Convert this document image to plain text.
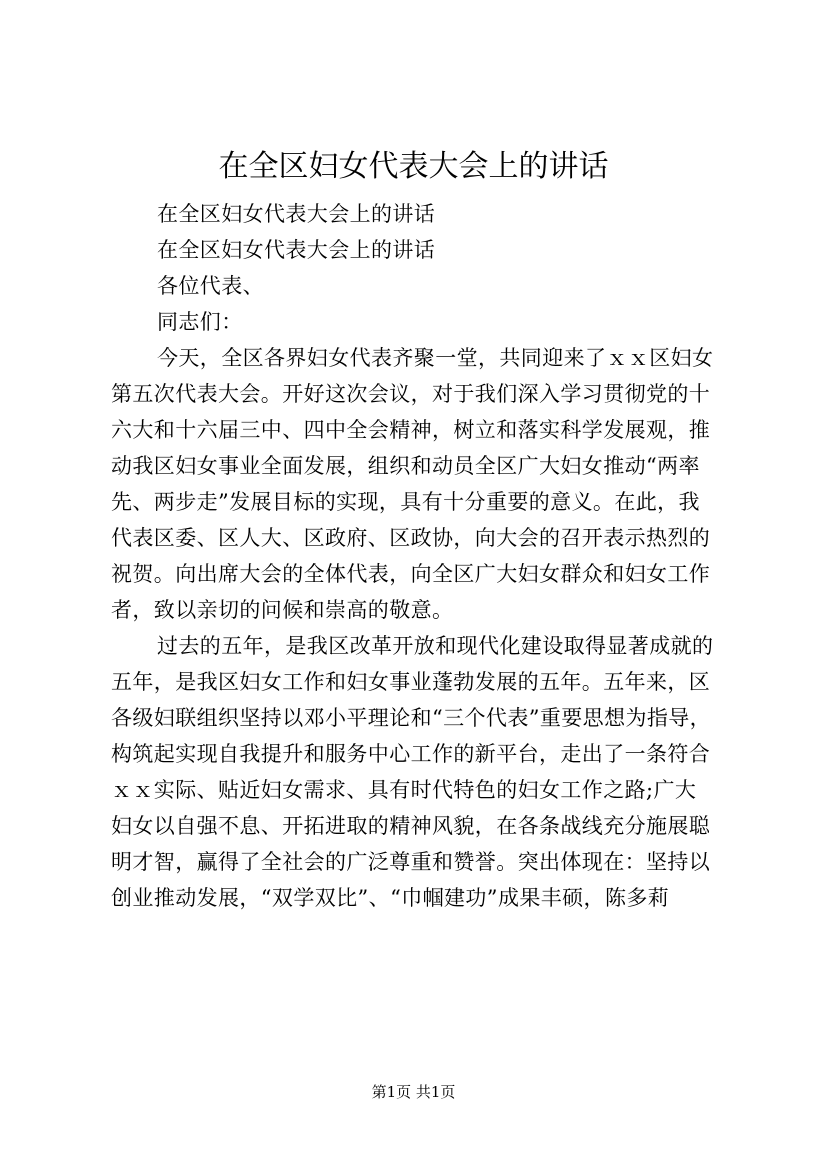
在全区妇女代表大会上的讲话

在全区妇女代表大会上的讲话

在全区妇女代表大会上的讲话

各位代表、

同志们：

今天，全区各界妇女代表齐聚一堂，共同迎来了ｘｘ区妇女

第五次代表大会。开好这次会议，对于我们深入学习贯彻党的十

六大和十六届三中、四中全会精神，树立和落实科学发展观，推

动我区妇女事业全面发展，组织和动员全区广大妇女推动“两率

先、两步走”发展目标的实现，具有十分重要的意义。在此，我

代表区委、区人大、区政府、区政协，向大会的召开表示热烈的

祝贺。向出席大会的全体代表，向全区广大妇女群众和妇女工作

者，致以亲切的问候和崇高的敬意。

过去的五年，是我区改革开放和现代化建设取得显著成就的

五年，是我区妇女工作和妇女事业蓬勃发展的五年。五年来，区

各级妇联组织坚持以邓小平理论和“三个代表”重要思想为指导，

构筑起实现自我提升和服务中心工作的新平台，走出了一条符合

ｘｘ实际、贴近妇女需求、具有时代特色的妇女工作之路;广大

妇女以自强不息、开拓进取的精神风貌，在各条战线充分施展聪

明才智，赢得了全社会的广泛尊重和赞誉。突出体现在：坚持以

创业推动发展，“双学双比”、“巾帼建功”成果丰硕，陈多莉

第1页 共1页
